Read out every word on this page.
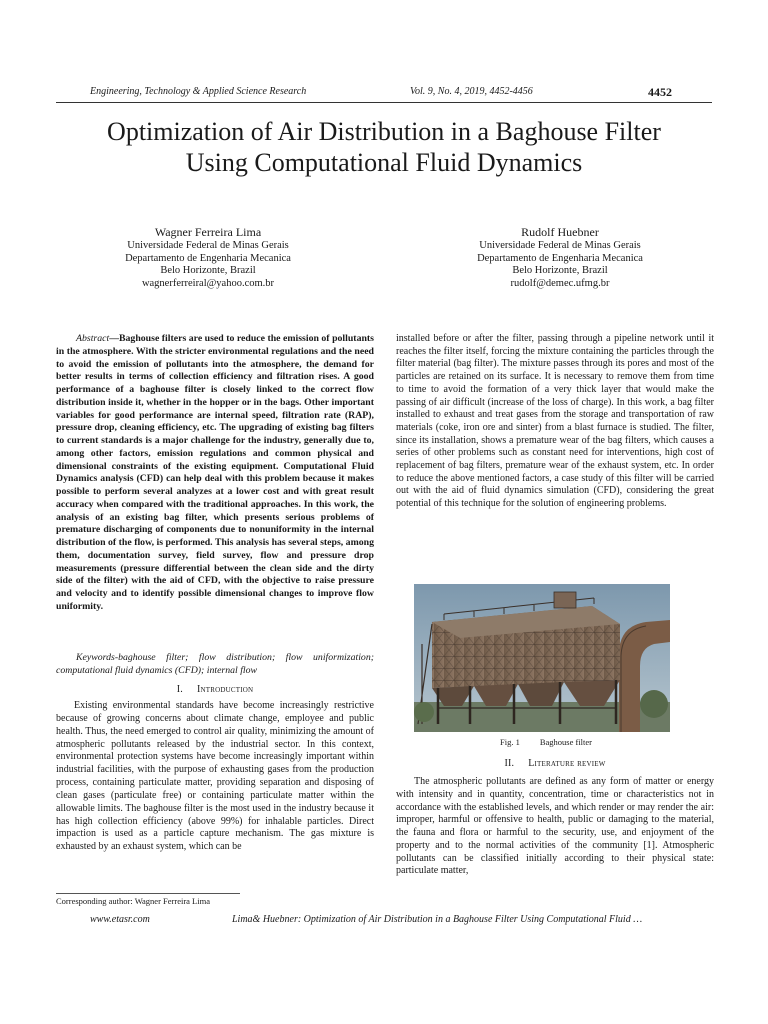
Engineering, Technology & Applied Science Research	Vol. 9, No. 4, 2019, 4452-4456	4452
Optimization of Air Distribution in a Baghouse Filter
Using Computational Fluid Dynamics
Wagner Ferreira Lima
Universidade Federal de Minas Gerais
Departamento de Engenharia Mecanica
Belo Horizonte, Brazil
wagnerferreiral@yahoo.com.br
Rudolf Huebner
Universidade Federal de Minas Gerais
Departamento de Engenharia Mecanica
Belo Horizonte, Brazil
rudolf@demec.ufmg.br

Abstract—Baghouse filters are used to reduce the emission of pollutants in the atmosphere. With the stricter environmental regulations and the need to avoid the emission of pollutants into the atmosphere, the demand for better results in terms of collection efficiency and filtration rises. A good performance of a baghouse filter is closely linked to the correct flow distribution inside it, whether in the hopper or in the bags. Other important variables for good performance are internal speed, filtration rate (RAP), pressure drop, cleaning efficiency, etc. The upgrading of existing bag filters to current standards is a major challenge for the industry, generally due to, among other factors, emission regulations and common physical and dimensional constraints of the existing equipment. Computational Fluid Dynamics analysis (CFD) can help deal with this problem because it makes possible to perform several analyzes at a lower cost and with great result accuracy when compared with the traditional approaches. In this work, the analysis of an existing bag filter, which presents serious problems of premature discharging of components due to nonuniformity in the internal distribution of the flow, is performed. This analysis has several steps, among them, documentation survey, field survey, flow and pressure drop measurements (pressure differential between the clean side and the dirty side of the filter) with the aid of CFD, with the objective to raise pressure and velocity and to identify possible dimensional changes to improve flow uniformity.

Keywords-baghouse filter; flow distribution; flow uniformization; computational fluid dynamics (CFD); internal flow

I. Introduction

Existing environmental standards have become increasingly restrictive because of growing concerns about climate change, employee and public health. Thus, the need emerged to control air quality, minimizing the amount of atmospheric pollutants released by the industrial sector. In this context, environmental protection systems have become increasingly important within industrial facilities, with the purpose of exhausting gases from the production process, containing particulate matter, providing separation and disposing of clean gases (particulate free) or containing particulate matter within the allowable limits. The baghouse filter is the most used in the industry because it has high collection efficiency (above 99%) for inhalable particles. Direct impaction is used as a particle capture mechanism. The gas mixture is exhausted by an exhaust system, which can be

Corresponding author: Wagner Ferreira Lima

installed before or after the filter, passing through a pipeline network until it reaches the filter itself, forcing the mixture containing the particles through the filter material (bag filter). The mixture passes through its pores and most of the particles are retained on its surface. It is necessary to remove them from time to time to avoid the formation of a very thick layer that would make the passing of air difficult (increase of the loss of charge). In this work, a bag filter installed to exhaust and treat gases from the storage and transportation of raw materials (coke, iron ore and sinter) from a blast furnace is studied. The filter, since its installation, shows a premature wear of the bag filters, which causes a series of other problems such as constant need for interventions, high cost of replacement of bag filters, premature wear of the exhaust system, etc. In order to reduce the above mentioned factors, a case study of this filter will be carried out with the aid of fluid dynamics simulation (CFD), considering the great potential of this technique for the solution of engineering problems.

Fig. 1 Baghouse filter
II. Literature review

The atmospheric pollutants are defined as any form of matter or energy with intensity and in quantity, concentration, time or characteristics not in accordance with the established levels, and which render or may render the air: improper, harmful or offensive to health, public or damaging to the material, the fauna and flora or harmful to the security, use, and enjoyment of the property and to the normal activities of the community [1]. Atmospheric pollutants can be classified initially according to their physical state: particulate matter,

www.etasr.com	Lima& Huebner: Optimization of Air Distribution in a Baghouse Filter Using Computational Fluid …
